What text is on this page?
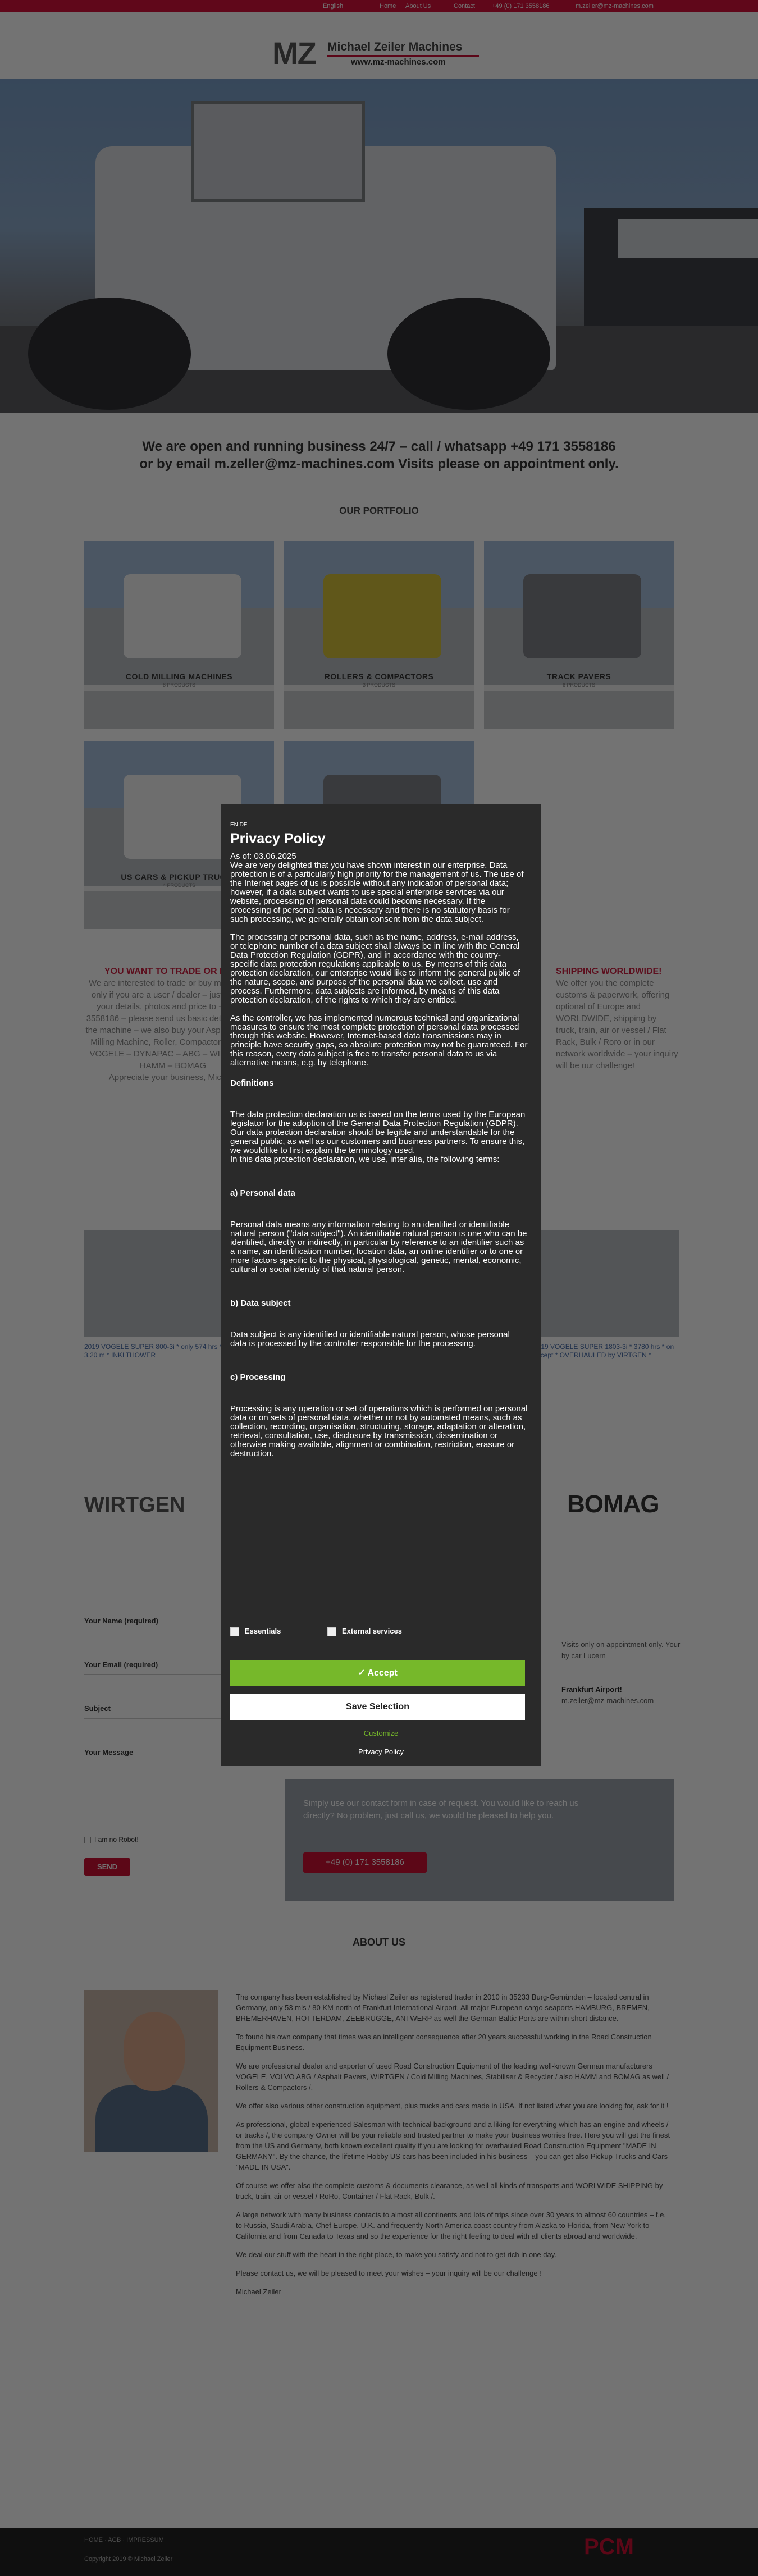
EN DE
Privacy Policy

As of: 03.06.2025

We are very delighted that you have shown interest in our enterprise. Data protection is of a particularly high priority for the management of us. The use of the Internet pages of us is possible without any indication of personal data; however, if a data subject wants to use special enterprise services via our website, processing of personal data could become necessary. If the processing of personal data is necessary and there is no statutory basis for such processing, we generally obtain consent from the data subject.

The processing of personal data, such as the name, address, e-mail address, or telephone number of a data subject shall always be in line with the General Data Protection Regulation (GDPR), and in accordance with the country-specific data protection regulations applicable to us. By means of this data protection declaration, our enterprise would like to inform the general public of the nature, scope, and purpose of the personal data we collect, use and process. Furthermore, data subjects are informed, by means of this data protection declaration, of the rights to which they are entitled.

As the controller, we has implemented numerous technical and organizational measures to ensure the most complete protection of personal data processed through this website. However, Internet-based data transmissions may in principle have security gaps, so absolute protection may not be guaranteed. For this reason, every data subject is free to transfer personal data to us via alternative means, e.g. by telephone.

Definitions

The data protection declaration us is based on the terms used by the European legislator for the adoption of the General Data Protection Regulation (GDPR). Our data protection declaration should be legible and understandable for the general public, as well as our customers and business partners. To ensure this, we wouldlike to first explain the terminology used.

In this data protection declaration, we use, inter alia, the following terms:

a) Personal data

Personal data means any information relating to an identified or identifiable natural person ("data subject"). An identifiable natural person is one who can be identified, directly or indirectly, in particular by reference to an identifier such as a name, an identification number, location data, an online identifier or to one or more factors specific to the physical, physiological, genetic, mental, economic, cultural or social identity of that natural person.

b) Data subject

Data subject is any identified or identifiable natural person, whose personal data is processed by the controller responsible for the processing.

c) Processing

Processing is any operation or set of operations which is performed on personal data or on sets of personal data, whether or not by automated means, such as collection, recording, organisation, structuring, storage, adaptation or alteration, retrieval, consultation, use, disclosure by transmission, dissemination or otherwise making available, alignment or combination, restriction, erasure or destruction.

Essentials	External services
✓ Accept
Save Selection
Customize
Privacy Policy
